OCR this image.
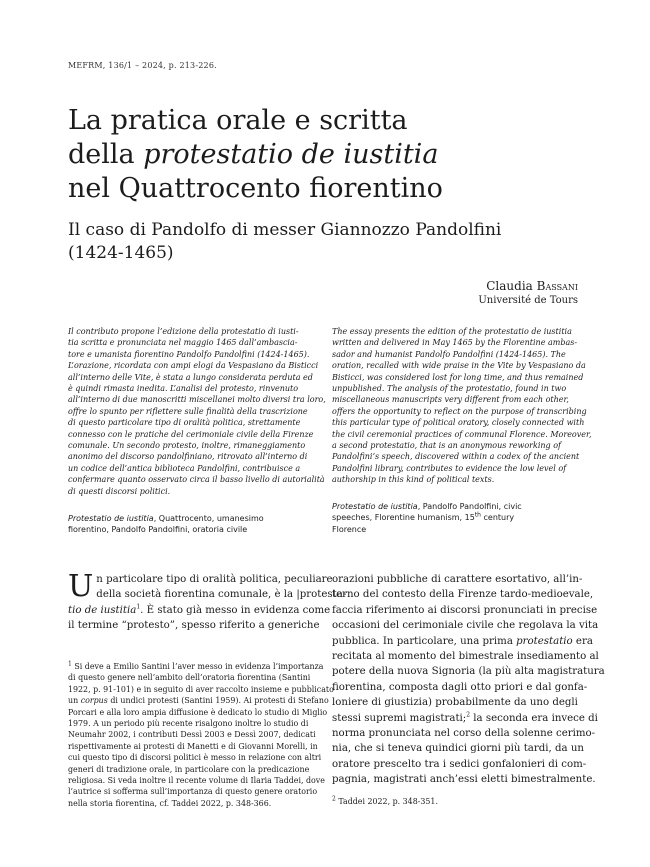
MEFRM, 136/1 – 2024, p. 213-226.
La pratica orale e scritta
della protestatio de iustitia
nel Quattrocento fiorentino
Il caso di Pandolfo di messer Giannozzo Pandolfini
(1424-1465)
Claudia Bassani
Université de Tours
Il contributo propone l’edizione della protestatio di iusti-
tia scritta e pronunciata nel maggio 1465 dall’ambascia-
tore e umanista fiorentino Pandolfo Pandolfini (1424-1465).
L’orazione, ricordata con ampi elogi da Vespasiano da Bisticci
all’interno delle Vite, è stata a lungo considerata perduta ed
è quindi rimasta inedita. L’analisi del protesto, rinvenuto
all’interno di due manoscritti miscellanei molto diversi tra loro,
offre lo spunto per riflettere sulle finalità della trascrizione
di questo particolare tipo di oralità politica, strettamente
connesso con le pratiche del cerimoniale civile della Firenze
comunale. Un secondo protesto, inoltre, rimaneggiamento
anonimo del discorso pandolfiniano, ritrovato all’interno di
un codice dell’antica biblioteca Pandolfini, contribuisce a
confermare quanto osservato circa il basso livello di autorialità
di questi discorsi politici.
The essay presents the edition of the protestatio de iustitia
written and delivered in May 1465 by the Florentine ambas-
sador and humanist Pandolfo Pandolfini (1424-1465). The
oration, recalled with wide praise in the Vite by Vespasiano da
Bisticci, was considered lost for long time, and thus remained
unpublished. The analysis of the protestatio, found in two
miscellaneous manuscripts very different from each other,
offers the opportunity to reflect on the purpose of transcribing
this particular type of political oratory, closely connected with
the civil ceremonial practices of communal Florence. Moreover,
a second protestatio, that is an anonymous reworking of
Pandolfini’s speech, discovered within a codex of the ancient
Pandolfini library, contributes to evidence the low level of
authorship in this kind of political texts.
Protestatio de iustitia, Quattrocento, umanesimo
fiorentino, Pandolfo Pandolfini, oratoria civile
Protestatio de iustitia, Pandolfo Pandolfini, civic
speeches, Florentine humanism, 15th century
Florence
U n particolare tipo di oralità politica, peculiare
della società fiorentina comunale, è la |protesta-
tio de iustitia$^1$. È stato già messo in evidenza come
il termine “protesto”, spesso riferito a generiche
orazioni pubbliche di carattere esortativo, all’in-
terno del contesto della Firenze tardo-medioevale,
faccia riferimento ai discorsi pronunciati in precise
occasioni del cerimoniale civile che regolava la vita
pubblica. In particolare, una prima protestatio era
recitata al momento del bimestrale insediamento al
potere della nuova Signoria (la più alta magistratura
fiorentina, composta dagli otto priori e dal gonfa-
loniere di giustizia) probabilmente da uno degli
stessi supremi magistrati;$^2$ la seconda era invece di
norma pronunciata nel corso della solenne cerimo-
nia, che si teneva quindici giorni più tardi, da un
oratore prescelto tra i sedici gonfalonieri di com-
pagnia, magistrati anch’essi eletti bimestralmente.
$^1$ Si deve a Emilio Santini l’aver messo in evidenza l’importanza
di questo genere nell’ambito dell’oratoria fiorentina (Santini
1922, p. 91-101) e in seguito di aver raccolto insieme e pubblicato
un corpus di undici protesti (Santini 1959). Ai protesti di Stefano
Porcari e alla loro ampia diffusione è dedicato lo studio di Miglio
1979. A un periodo più recente risalgono inoltre lo studio di
Neumahr 2002, i contributi Dessì 2003 e Dessì 2007, dedicati
rispettivamente ai protesti di Manetti e di Giovanni Morelli, in
cui questo tipo di discorsi politici è messo in relazione con altri
generi di tradizione orale, in particolare con la predicazione
religiosa. Si veda inoltre il recente volume di Ilaria Taddei, dove
l’autrice si sofferma sull’importanza di questo genere oratorio
nella storia fiorentina, cf. Taddei 2022, p. 348-366.	$^2$ Taddei 2022, p. 348-351.
